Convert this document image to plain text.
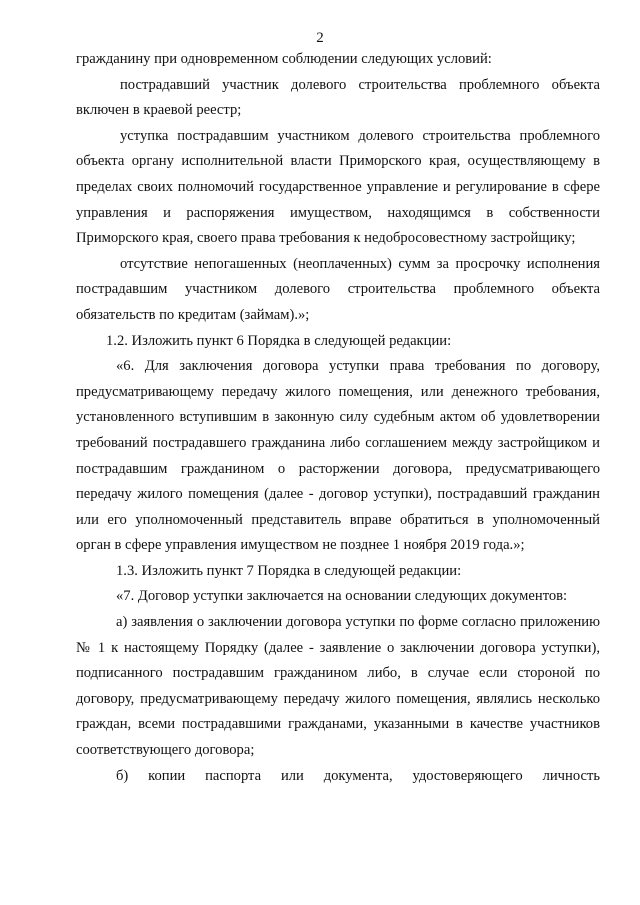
2

гражданину при одновременном соблюдении следующих условий:

пострадавший участник долевого строительства проблемного объекта включен в краевой реестр;

уступка пострадавшим участником долевого строительства проблемного объекта органу исполнительной власти Приморского края, осуществляющему в пределах своих полномочий государственное управление и регулирование в сфере управления и распоряжения имуществом, находящимся в собственности Приморского края, своего права требования к недобросовестному застройщику;

отсутствие непогашенных (неоплаченных) сумм за просрочку исполнения пострадавшим участником долевого строительства проблемного объекта обязательств по кредитам (займам).»;

1.2. Изложить пункт 6 Порядка в следующей редакции:

«6. Для заключения договора уступки права требования по договору, предусматривающему передачу жилого помещения, или денежного требования, установленного вступившим в законную силу судебным актом об удовлетворении требований пострадавшего гражданина либо соглашением между застройщиком и пострадавшим гражданином о расторжении договора, предусматривающего передачу жилого помещения (далее - договор уступки), пострадавший гражданин или его уполномоченный представитель вправе обратиться в уполномоченный орган в сфере управления имуществом не позднее 1 ноября 2019 года.»;

1.3. Изложить пункт 7 Порядка в следующей редакции:

«7. Договор уступки заключается на основании следующих документов:

а) заявления о заключении договора уступки по форме согласно приложению № 1 к настоящему Порядку (далее - заявление о заключении договора уступки), подписанного пострадавшим гражданином либо, в случае если стороной по договору, предусматривающему передачу жилого помещения, являлись несколько граждан, всеми пострадавшими гражданами, указанными в качестве участников соответствующего договора;

б) копии паспорта или документа, удостоверяющего личность
